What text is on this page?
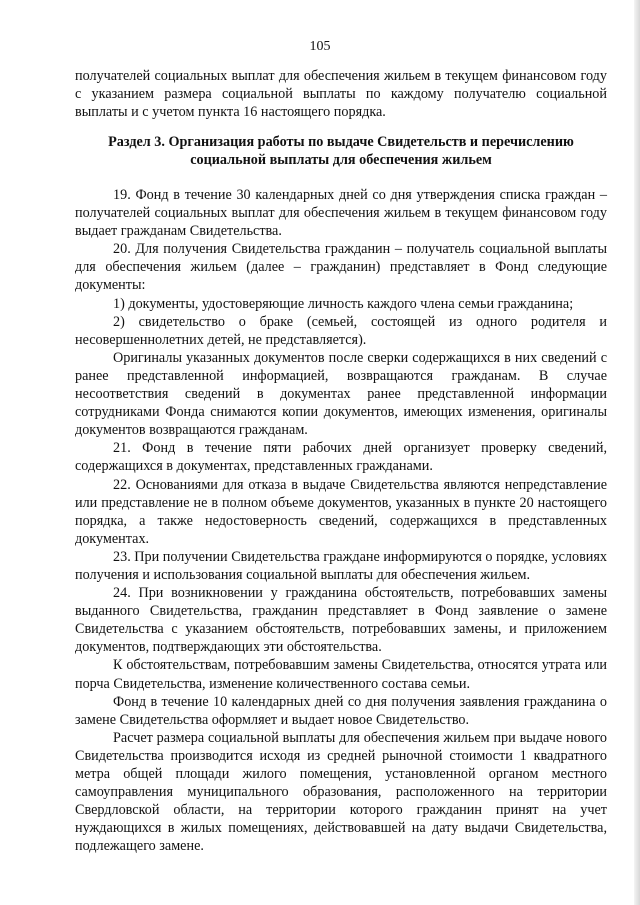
105

получателей социальных выплат для обеспечения жильем в текущем финансовом году с указанием размера социальной выплаты по каждому получателю социальной выплаты и с учетом пункта 16 настоящего порядка.

Раздел 3. Организация работы по выдаче Свидетельств и перечислению социальной выплаты для обеспечения жильем

19. Фонд в течение 30 календарных дней со дня утверждения списка граждан – получателей социальных выплат для обеспечения жильем в текущем финансовом году выдает гражданам Свидетельства.

20. Для получения Свидетельства гражданин – получатель социальной выплаты для обеспечения жильем (далее – гражданин) представляет в Фонд следующие документы:

1) документы, удостоверяющие личность каждого члена семьи гражданина;

2) свидетельство о браке (семьей, состоящей из одного родителя и несовершеннолетних детей, не представляется).

Оригиналы указанных документов после сверки содержащихся в них сведений с ранее представленной информацией, возвращаются гражданам. В случае несоответствия сведений в документах ранее представленной информации сотрудниками Фонда снимаются копии документов, имеющих изменения, оригиналы документов возвращаются гражданам.

21. Фонд в течение пяти рабочих дней организует проверку сведений, содержащихся в документах, представленных гражданами.

22. Основаниями для отказа в выдаче Свидетельства являются непредставление или представление не в полном объеме документов, указанных в пункте 20 настоящего порядка, а также недостоверность сведений, содержащихся в представленных документах.

23. При получении Свидетельства граждане информируются о порядке, условиях получения и использования социальной выплаты для обеспечения жильем.

24. При возникновении у гражданина обстоятельств, потребовавших замены выданного Свидетельства, гражданин представляет в Фонд заявление о замене Свидетельства с указанием обстоятельств, потребовавших замены, и приложением документов, подтверждающих эти обстоятельства.

К обстоятельствам, потребовавшим замены Свидетельства, относятся утрата или порча Свидетельства, изменение количественного состава семьи.

Фонд в течение 10 календарных дней со дня получения заявления гражданина о замене Свидетельства оформляет и выдает новое Свидетельство.

Расчет размера социальной выплаты для обеспечения жильем при выдаче нового Свидетельства производится исходя из средней рыночной стоимости 1 квадратного метра общей площади жилого помещения, установленной органом местного самоуправления муниципального образования, расположенного на территории Свердловской области, на территории которого гражданин принят на учет нуждающихся в жилых помещениях, действовавшей на дату выдачи Свидетельства, подлежащего замене.
